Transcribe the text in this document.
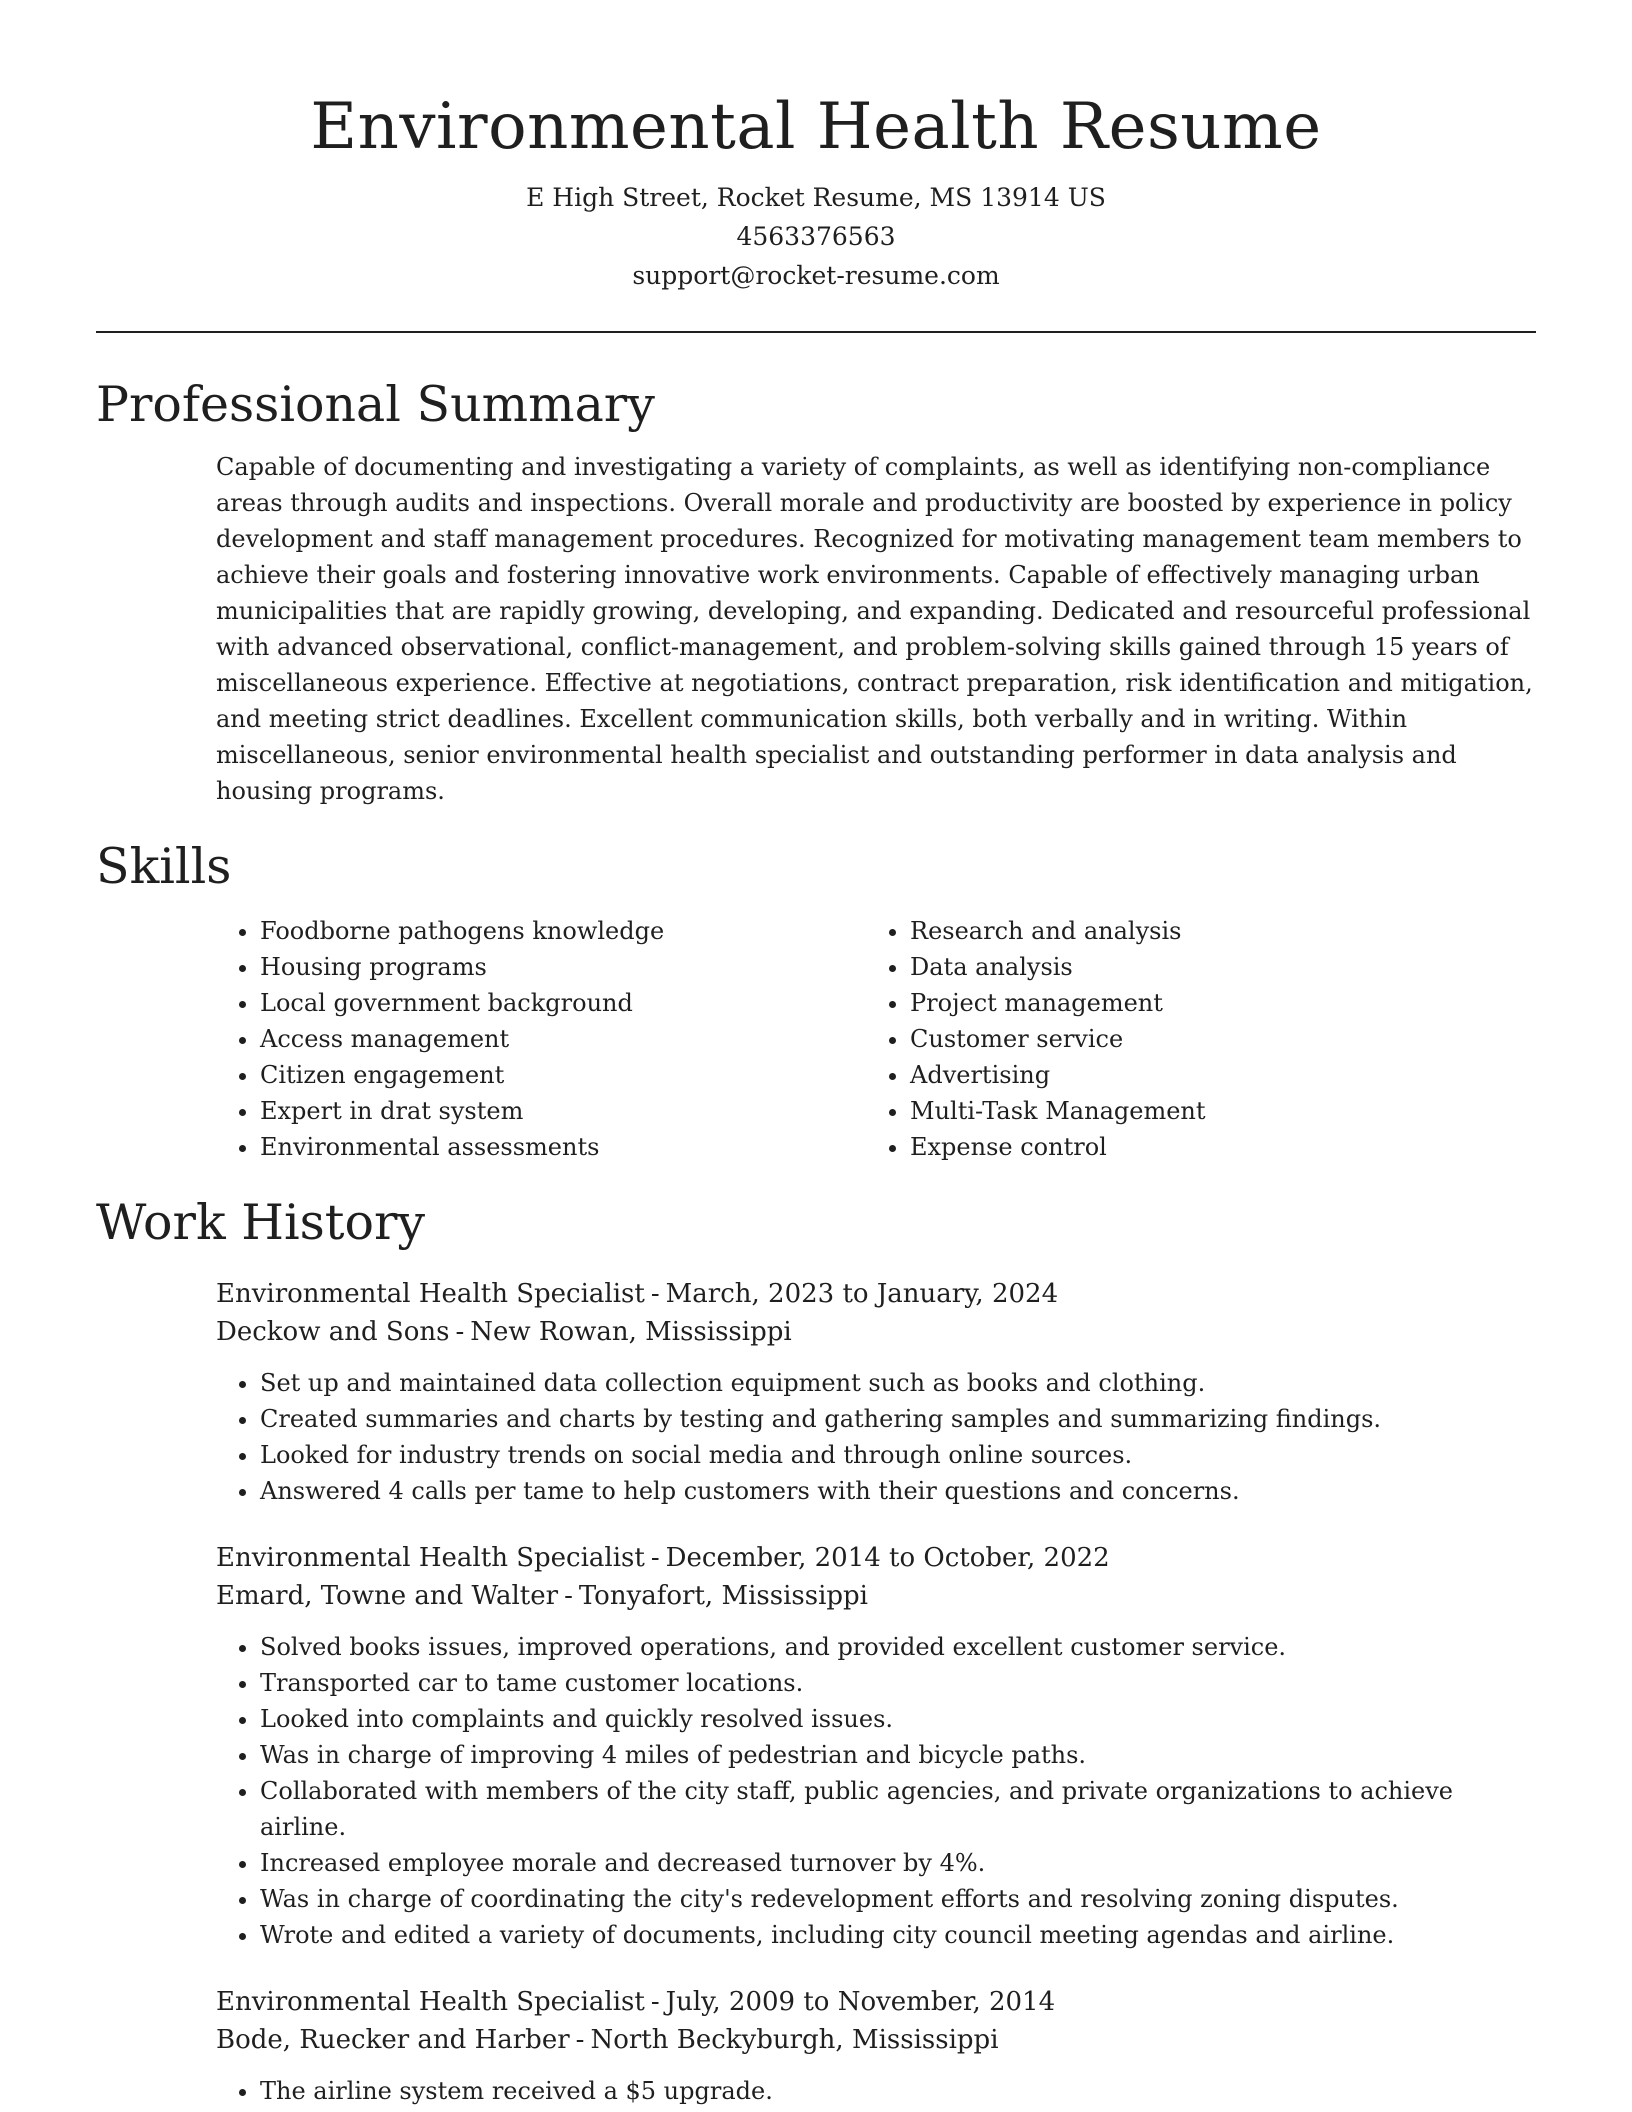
Environmental Health Resume

E High Street, Rocket Resume, MS 13914 US

4563376563

support@rocket-resume.com

Professional Summary

Capable of documenting and investigating a variety of complaints, as well as identifying non-compliance areas through audits and inspections. Overall morale and productivity are boosted by experience in policy development and staff management procedures. Recognized for motivating management team members to achieve their goals and fostering innovative work environments. Capable of effectively managing urban municipalities that are rapidly growing, developing, and expanding. Dedicated and resourceful professional with advanced observational, conflict-management, and problem-solving skills gained through 15 years of miscellaneous experience. Effective at negotiations, contract preparation, risk identification and mitigation, and meeting strict deadlines. Excellent communication skills, both verbally and in writing. Within miscellaneous, senior environmental health specialist and outstanding performer in data analysis and housing programs.

Skills
• Foodborne pathogens knowledge
• Housing programs
• Local government background
• Access management
• Citizen engagement
• Expert in drat system
• Environmental assessments
• Research and analysis
• Data analysis
• Project management
• Customer service
• Advertising
• Multi-Task Management
• Expense control
Work History

Environmental Health Specialist - March, 2023 to January, 2024

Deckow and Sons - New Rowan, Mississippi

• Set up and maintained data collection equipment such as books and clothing.
• Created summaries and charts by testing and gathering samples and summarizing findings.
• Looked for industry trends on social media and through online sources.
• Answered 4 calls per tame to help customers with their questions and concerns.

Environmental Health Specialist - December, 2014 to October, 2022

Emard, Towne and Walter - Tonyafort, Mississippi

• Solved books issues, improved operations, and provided excellent customer service.
• Transported car to tame customer locations.
• Looked into complaints and quickly resolved issues.
• Was in charge of improving 4 miles of pedestrian and bicycle paths.
• Collaborated with members of the city staff, public agencies, and private organizations to achieve airline.
• Increased employee morale and decreased turnover by 4%.
• Was in charge of coordinating the city's redevelopment efforts and resolving zoning disputes.
• Wrote and edited a variety of documents, including city council meeting agendas and airline.

Environmental Health Specialist - July, 2009 to November, 2014

Bode, Ruecker and Harber - North Beckyburgh, Mississippi

• The airline system received a $5 upgrade.
